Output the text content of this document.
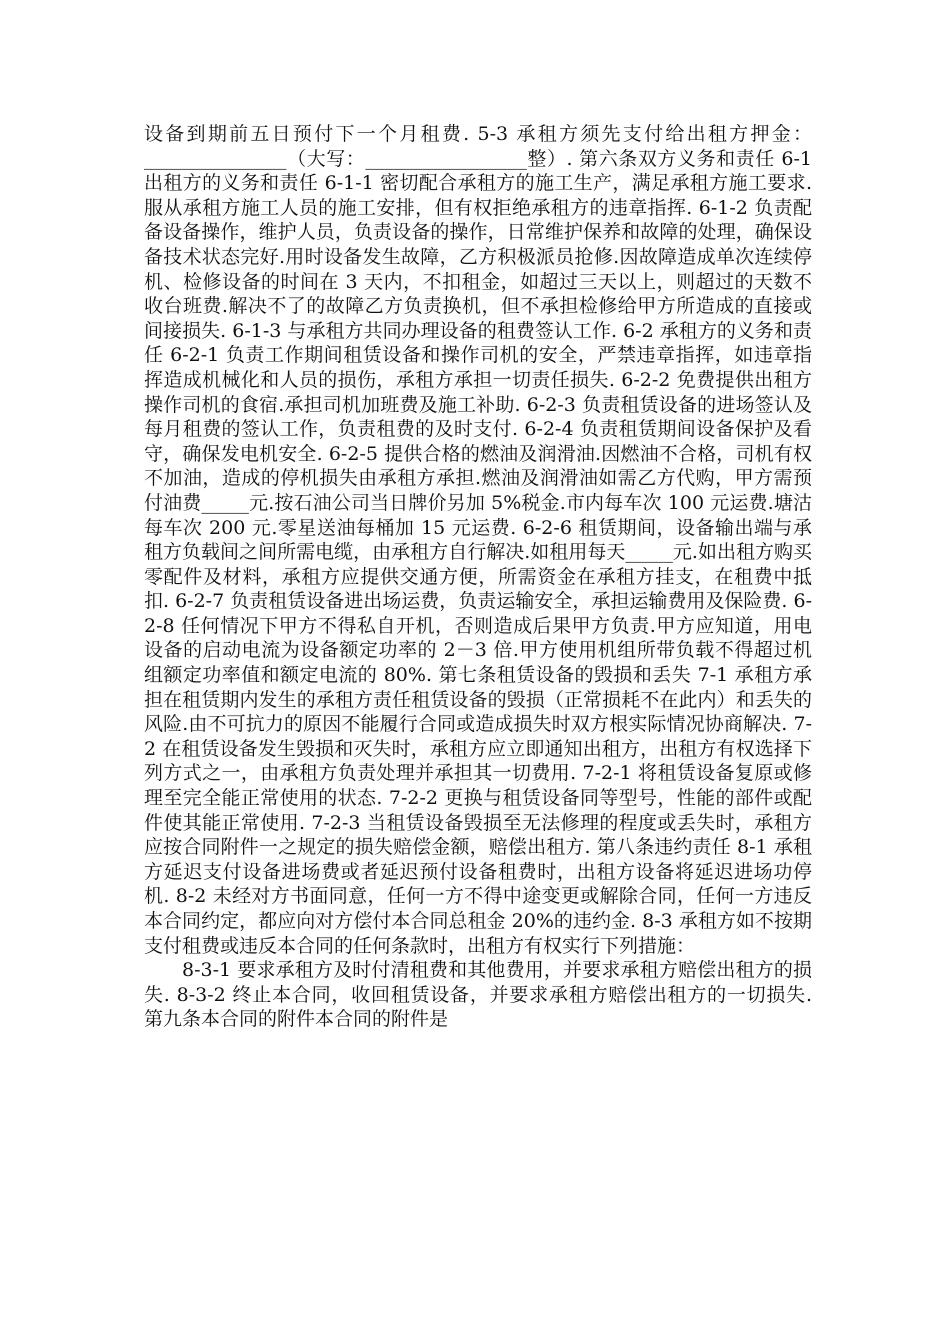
设备到期前五日预付下一个月租费. 5-3 承租方须先支付给出租方押金：_______________（大写：_________________整）. 第六条双方义务和责任 6-1 出租方的义务和责任 6-1-1 密切配合承租方的施工生产，满足承租方施工要求.服从承租方施工人员的施工安排，但有权拒绝承租方的违章指挥. 6-1-2 负责配备设备操作，维护人员，负责设备的操作，日常维护保养和故障的处理，确保设备技术状态完好.用时设备发生故障，乙方积极派员抢修.因故障造成单次连续停机、检修设备的时间在 3 天内，不扣租金，如超过三天以上，则超过的天数不收台班费.解决不了的故障乙方负责换机，但不承担检修给甲方所造成的直接或间接损失. 6-1-3 与承租方共同办理设备的租费签认工作. 6-2 承租方的义务和责任 6-2-1 负责工作期间租赁设备和操作司机的安全，严禁违章指挥，如违章指挥造成机械化和人员的损伤，承租方承担一切责任损失. 6-2-2 免费提供出租方操作司机的食宿.承担司机加班费及施工补助. 6-2-3 负责租赁设备的进场签认及每月租费的签认工作，负责租费的及时支付. 6-2-4 负责租赁期间设备保护及看守，确保发电机安全. 6-2-5 提供合格的燃油及润滑油.因燃油不合格，司机有权不加油，造成的停机损失由承租方承担.燃油及润滑油如需乙方代购，甲方需预付油费_____元.按石油公司当日牌价另加 5%税金.市内每车次 100 元运费.塘沽每车次 200 元.零星送油每桶加 15 元运费. 6-2-6 租赁期间，设备输出端与承租方负载间之间所需电缆，由承租方自行解决.如租用每天_____元.如出租方购买零配件及材料，承租方应提供交通方便，所需资金在承租方挂支，在租费中抵扣. 6-2-7 负责租赁设备进出场运费，负责运输安全，承担运输费用及保险费. 6-2-8 任何情况下甲方不得私自开机，否则造成后果甲方负责.甲方应知道，用电设备的启动电流为设备额定功率的 2－3 倍.甲方使用机组所带负载不得超过机组额定功率值和额定电流的 80%. 第七条租赁设备的毁损和丢失 7-1 承租方承担在租赁期内发生的承租方责任租赁设备的毁损（正常损耗不在此内）和丢失的风险.由不可抗力的原因不能履行合同或造成损失时双方根实际情况协商解决. 7-2 在租赁设备发生毁损和灭失时，承租方应立即通知出租方，出租方有权选择下列方式之一，由承租方负责处理并承担其一切费用. 7-2-1 将租赁设备复原或修理至完全能正常使用的状态. 7-2-2 更换与租赁设备同等型号，性能的部件或配件使其能正常使用. 7-2-3 当租赁设备毁损至无法修理的程度或丢失时，承租方应按合同附件一之规定的损失赔偿金额，赔偿出租方. 第八条违约责任 8-1 承租方延迟支付设备进场费或者延迟预付设备租费时，出租方设备将延迟进场功停机. 8-2 未经对方书面同意，任何一方不得中途变更或解除合同，任何一方违反本合同约定，都应向对方偿付本合同总租金 20%的违约金. 8-3 承租方如不按期支付租费或违反本合同的任何条款时，出租方有权实行下列措施：

8-3-1 要求承租方及时付清租费和其他费用，并要求承租方赔偿出租方的损失. 8-3-2 终止本合同，收回租赁设备，并要求承租方赔偿出租方的一切损失. 第九条本合同的附件本合同的附件是
